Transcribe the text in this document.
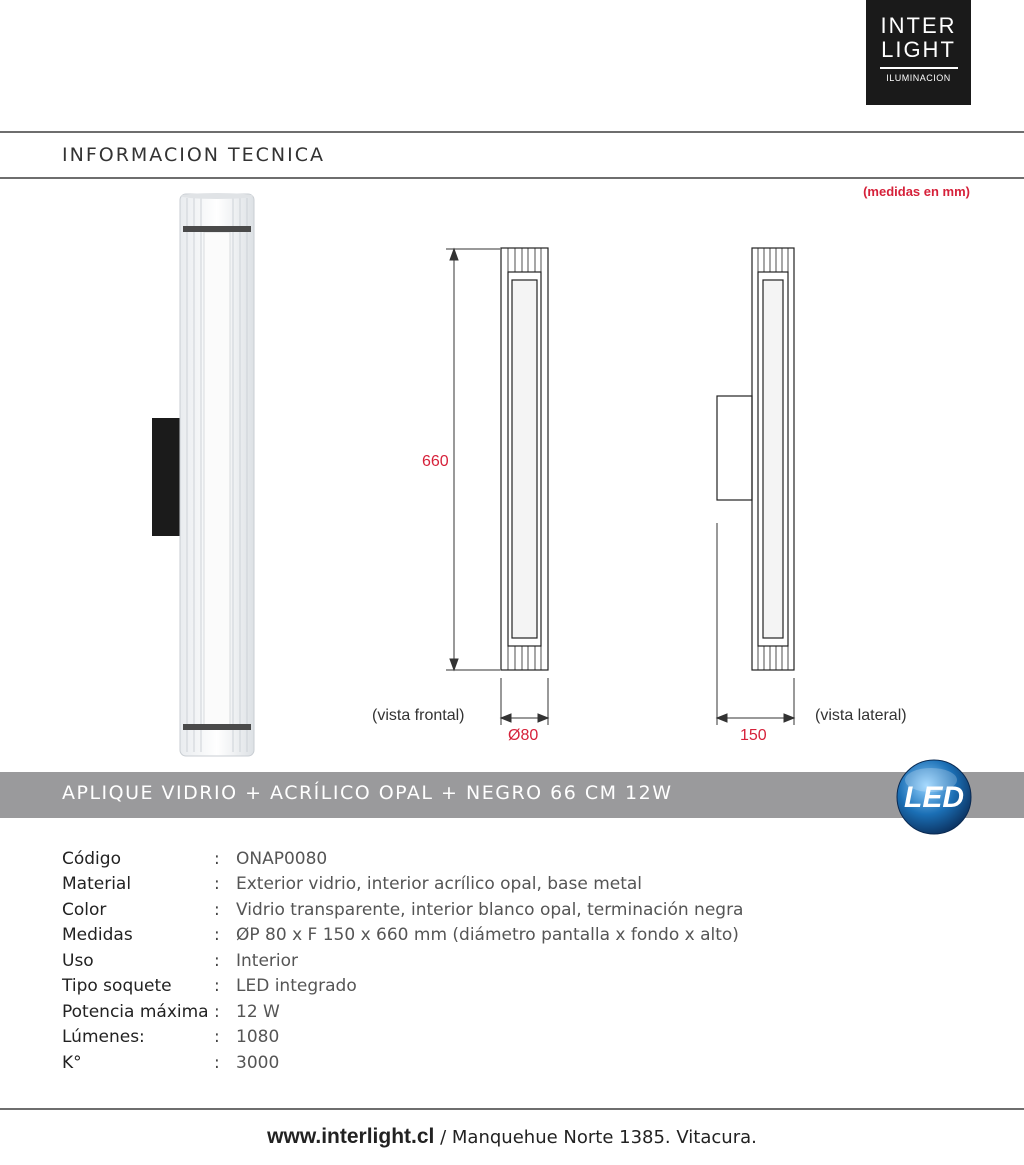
INTER
LIGHT
ILUMINACION
INFORMACION TECNICA
(medidas en mm)
660
Ø80
(vista frontal)
150
(vista lateral)
APLIQUE VIDRIO + ACRÍLICO OPAL + NEGRO 66 CM 12W	LED
Código	: ONAP0080
Material	: Exterior vidrio, interior acrílico opal, base metal
Color	: Vidrio transparente, interior blanco opal, terminación negra
Medidas	: ØP 80 x F 150 x 660 mm (diámetro pantalla x fondo x alto)
Uso	: Interior
Tipo soquete	: LED integrado
Potencia máxima : 12 W
Lúmenes:	: 1080
K°	: 3000
www.interlight.cl / Manquehue Norte 1385. Vitacura.
